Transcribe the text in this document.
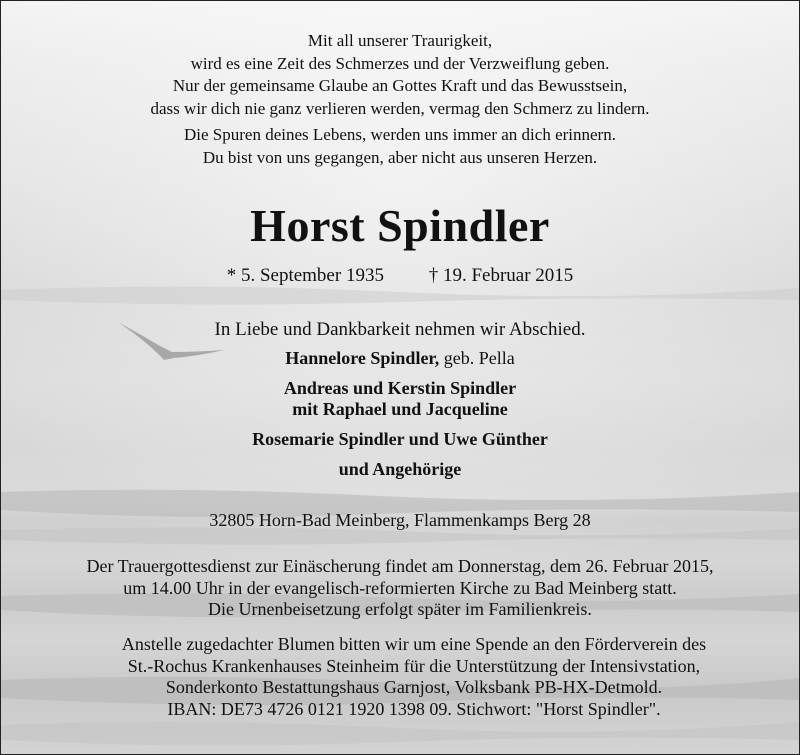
Mit all unserer Traurigkeit,
wird es eine Zeit des Schmerzes und der Verzweiflung geben.
Nur der gemeinsame Glaube an Gottes Kraft und das Bewusstsein,
dass wir dich nie ganz verlieren werden, vermag den Schmerz zu lindern.
Die Spuren deines Lebens, werden uns immer an dich erinnern.
Du bist von uns gegangen, aber nicht aus unseren Herzen.
Horst Spindler
* 5. September 1935 † 19. Februar 2015
In Liebe und Dankbarkeit nehmen wir Abschied.
Hannelore Spindler, geb. Pella
Andreas und Kerstin Spindler
mit Raphael und Jacqueline
Rosemarie Spindler und Uwe Günther
und Angehörige
32805 Horn-Bad Meinberg, Flammenkamps Berg 28
Der Trauergottesdienst zur Einäscherung findet am Donnerstag, dem 26. Februar 2015,
um 14.00 Uhr in der evangelisch-reformierten Kirche zu Bad Meinberg statt.
Die Urnenbeisetzung erfolgt später im Familienkreis.
Anstelle zugedachter Blumen bitten wir um eine Spende an den Förderverein des
St.-Rochus Krankenhauses Steinheim für die Unterstützung der Intensivstation,
Sonderkonto Bestattungshaus Garnjost, Volksbank PB-HX-Detmold.
IBAN: DE73 4726 0121 1920 1398 09. Stichwort: "Horst Spindler".
